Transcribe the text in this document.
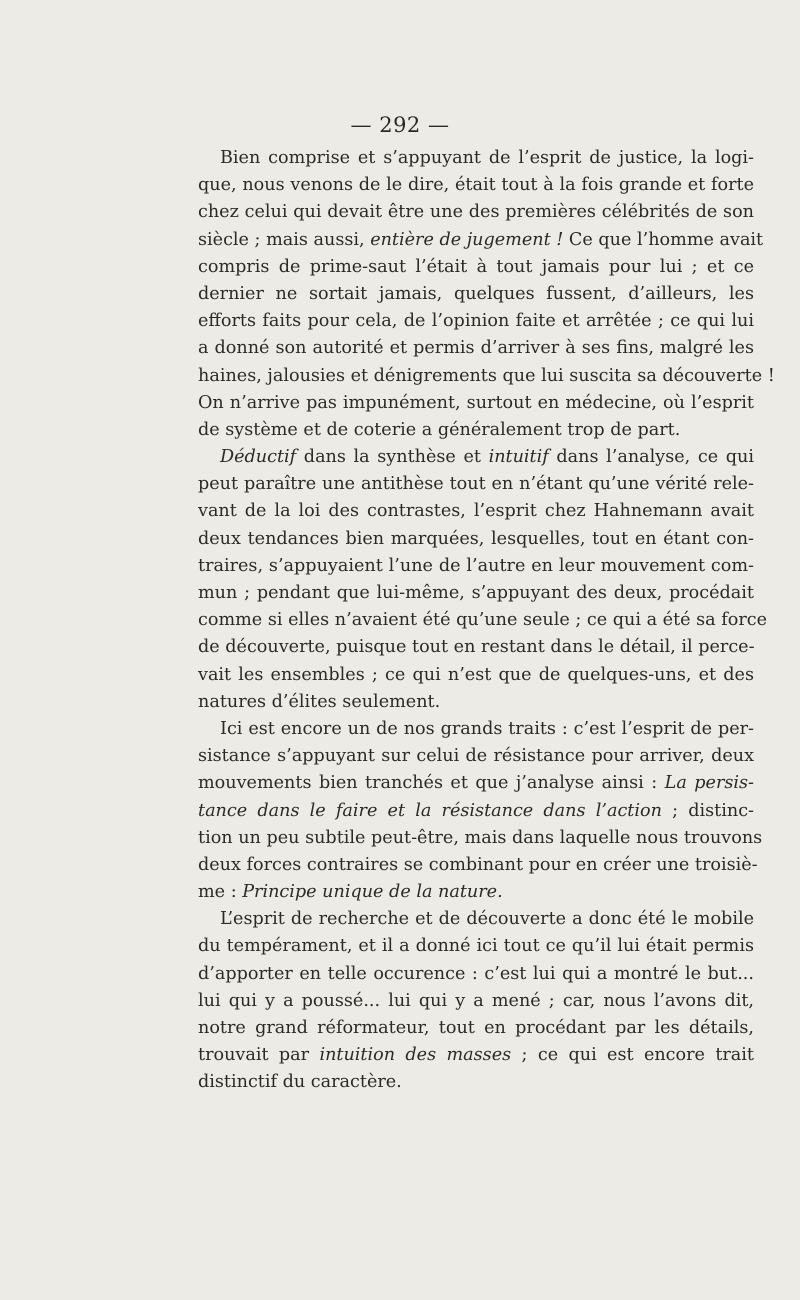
— 292 —
Bien comprise et s’appuyant de l’esprit de justice, la logi-
que, nous venons de le dire, était tout à la fois grande et forte
chez celui qui devait être une des premières célébrités de son
siècle ; mais aussi, entière de jugement ! Ce que l’homme avait
compris de prime-saut l’était à tout jamais pour lui ; et ce
dernier ne sortait jamais, quelques fussent, d’ailleurs, les
efforts faits pour cela, de l’opinion faite et arrêtée ; ce qui lui
a donné son autorité et permis d’arriver à ses fins, malgré les
haines, jalousies et dénigrements que lui suscita sa découverte !
On n’arrive pas impunément, surtout en médecine, où l’esprit
de système et de coterie a généralement trop de part.
Déductif dans la synthèse et intuitif dans l’analyse, ce qui
peut paraître une antithèse tout en n’étant qu’une vérité rele-
vant de la loi des contrastes, l’esprit chez Hahnemann avait
deux tendances bien marquées, lesquelles, tout en étant con-
traires, s’appuyaient l’une de l’autre en leur mouvement com-
mun ; pendant que lui-même, s’appuyant des deux, procédait
comme si elles n’avaient été qu’une seule ; ce qui a été sa force
de découverte, puisque tout en restant dans le détail, il perce-
vait les ensembles ; ce qui n’est que de quelques-uns, et des
natures d’élites seulement.
Ici est encore un de nos grands traits : c’est l’esprit de per-
sistance s’appuyant sur celui de résistance pour arriver, deux
mouvements bien tranchés et que j’analyse ainsi : La persis-
tance dans le faire et la résistance dans l’action ; distinc-
tion un peu subtile peut-être, mais dans laquelle nous trouvons
deux forces contraires se combinant pour en créer une troisiè-
me : Principe unique de la nature.
L’esprit de recherche et de découverte a donc été le mobile
du tempérament, et il a donné ici tout ce qu’il lui était permis
d’apporter en telle occurence : c’est lui qui a montré le but...
lui qui y a poussé... lui qui y a mené ; car, nous l’avons dit,
notre grand réformateur, tout en procédant par les détails,
trouvait par intuition des masses ; ce qui est encore trait
distinctif du caractère.
